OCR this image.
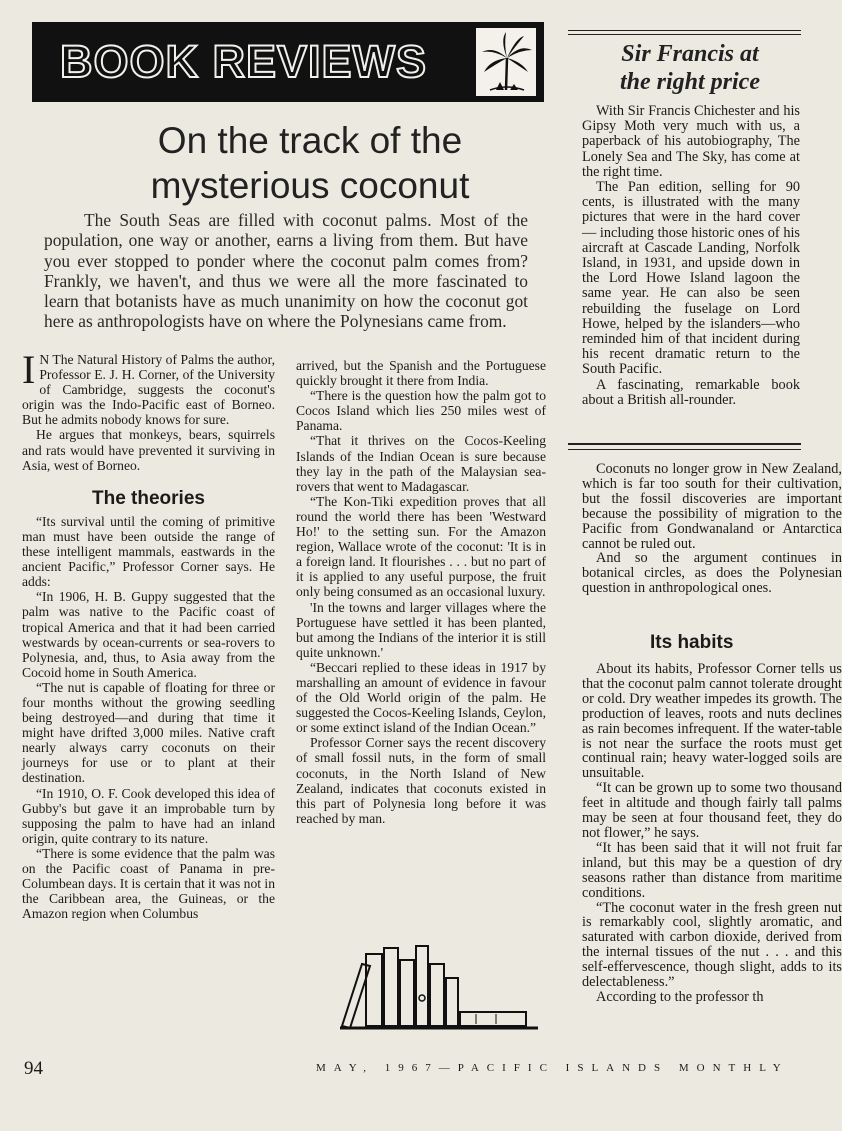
BOOK REVIEWS
On the track of the
mysterious coconut

The South Seas are filled with coconut palms. Most of the population, one way or another, earns a living from them. But have you ever stopped to ponder where the coconut palm comes from? Frankly, we haven't, and thus we were all the more fascinated to learn that botanists have as much unanimity on how the coconut got here as anthropologists have on where the Polynesians came from.

I N The Natural History of Palms the author, Professor E. J. H. Corner, of the University of Cambridge, suggests the coconut's origin was the Indo-Pacific east of Borneo. But he admits nobody knows for sure.

He argues that monkeys, bears, squirrels and rats would have prevented it surviving in Asia, west of Borneo.

The theories

“Its survival until the coming of primitive man must have been outside the range of these intelligent mammals, eastwards in the ancient Pacific,” Professor Corner says. He adds:

“In 1906, H. B. Guppy suggested that the palm was native to the Pacific coast of tropical America and that it had been carried westwards by ocean-currents or sea-rovers to Polynesia, and, thus, to Asia away from the Cocoid home in South America.

“The nut is capable of floating for three or four months without the growing seedling being destroyed—and during that time it might have drifted 3,000 miles. Native craft nearly always carry coconuts on their journeys for use or to plant at their destination.

“In 1910, O. F. Cook developed this idea of Gubby's but gave it an improbable turn by supposing the palm to have had an inland origin, quite contrary to its nature.

“There is some evidence that the palm was on the Pacific coast of Panama in pre-Columbean days. It is certain that it was not in the Caribbean area, the Guineas, or the Amazon region when Columbus

arrived, but the Spanish and the Portuguese quickly brought it there from India.

“There is the question how the palm got to Cocos Island which lies 250 miles west of Panama.

“That it thrives on the Cocos-Keeling Islands of the Indian Ocean is sure because they lay in the path of the Malaysian sea-rovers that went to Madagascar.

“The Kon-Tiki expedition proves that all round the world there has been 'Westward Ho!' to the setting sun. For the Amazon region, Wallace wrote of the coconut: 'It is in a foreign land. It flourishes . . . but no part of it is applied to any useful purpose, the fruit only being consumed as an occasional luxury.

'In the towns and larger villages where the Portuguese have settled it has been planted, but among the Indians of the interior it is still quite unknown.'

“Beccari replied to these ideas in 1917 by marshalling an amount of evidence in favour of the Old World origin of the palm. He suggested the Cocos-Keeling Islands, Ceylon, or some extinct island of the Indian Ocean.”

Professor Corner says the recent discovery of small fossil nuts, in the form of small coconuts, in the North Island of New Zealand, indicates that coconuts existed in this part of Polynesia long before it was reached by man.

Sir Francis at
the right price

With Sir Francis Chichester and his Gipsy Moth very much with us, a paperback of his autobiography, The Lonely Sea and The Sky, has come at the right time.

The Pan edition, selling for 90 cents, is illustrated with the many pictures that were in the hard cover — including those historic ones of his aircraft at Cascade Landing, Norfolk Island, in 1931, and upside down in the Lord Howe Island lagoon the same year. He can also be seen rebuilding the fuselage on Lord Howe, helped by the islanders—who reminded him of that incident during his recent dramatic return to the South Pacific.

A fascinating, remarkable book about a British all-rounder.

Coconuts no longer grow in New Zealand, which is far too south for their cultivation, but the fossil discoveries are important because the possibility of migration to the Pacific from Gondwanaland or Antarctica cannot be ruled out.

And so the argument continues in botanical circles, as does the Polynesian question in anthropological ones.

Its habits

About its habits, Professor Corner tells us that the coconut palm cannot tolerate drought or cold. Dry weather impedes its growth. The production of leaves, roots and nuts declines as rain becomes infrequent. If the water-table is not near the surface the roots must get continual rain; heavy water-logged soils are unsuitable.

“It can be grown up to some two thousand feet in altitude and though fairly tall palms may be seen at four thousand feet, they do not flower,” he says.

“It has been said that it will not fruit far inland, but this may be a question of dry seasons rather than distance from maritime conditions.

“The coconut water in the fresh green nut is remarkably cool, slightly aromatic, and saturated with carbon dioxide, derived from the internal tissues of the nut . . . and this self-effervescence, though slight, adds to its delectableness.”

According to the professor th

94	MAY, 1967—PACIFIC ISLANDS MONTHLY
